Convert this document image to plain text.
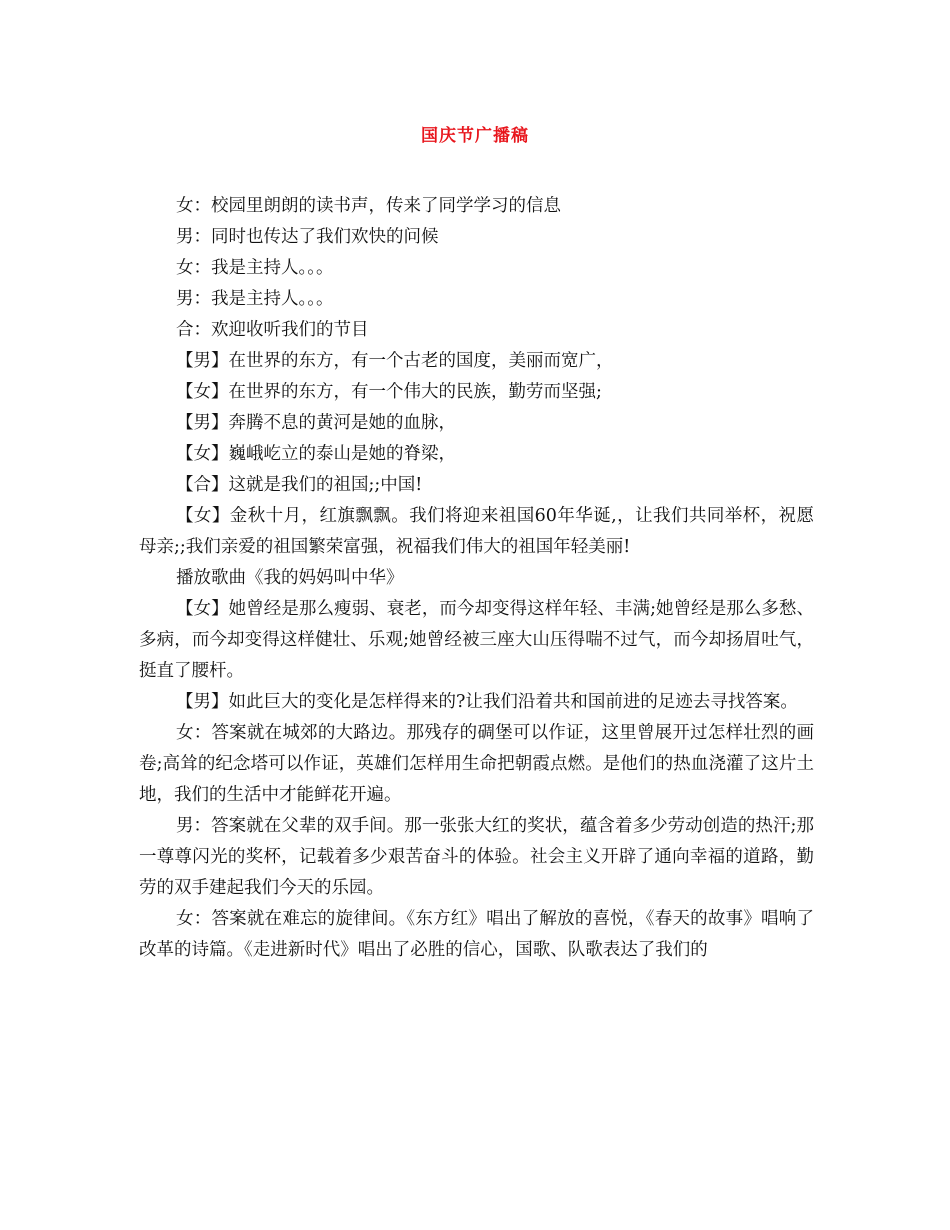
国庆节广播稿

女：校园里朗朗的读书声，传来了同学学习的信息

男：同时也传达了我们欢快的问候

女：我是主持人。。。

男：我是主持人。。。

合：欢迎收听我们的节目

【男】在世界的东方，有一个古老的国度，美丽而宽广，

【女】在世界的东方，有一个伟大的民族，勤劳而坚强;

【男】奔腾不息的黄河是她的血脉，

【女】巍峨屹立的泰山是她的脊梁，

【合】这就是我们的祖国;;中国!

【女】金秋十月，红旗飘飘。我们将迎来祖国60年华诞,，让我们共同举杯，祝愿母亲;;我们亲爱的祖国繁荣富强，祝福我们伟大的祖国年轻美丽!

播放歌曲《我的妈妈叫中华》

【女】她曾经是那么瘦弱、衰老，而今却变得这样年轻、丰满;她曾经是那么多愁、多病，而今却变得这样健壮、乐观;她曾经被三座大山压得喘不过气，而今却扬眉吐气，挺直了腰杆。

【男】如此巨大的变化是怎样得来的?让我们沿着共和国前进的足迹去寻找答案。

女：答案就在城郊的大路边。那残存的碉堡可以作证，这里曾展开过怎样壮烈的画卷;高耸的纪念塔可以作证，英雄们怎样用生命把朝霞点燃。是他们的热血浇灌了这片土地，我们的生活中才能鲜花开遍。

男：答案就在父辈的双手间。那一张张大红的奖状，蕴含着多少劳动创造的热汗;那一尊尊闪光的奖杯，记载着多少艰苦奋斗的体验。社会主义开辟了通向幸福的道路，勤劳的双手建起我们今天的乐园。

女：答案就在难忘的旋律间。《东方红》唱出了解放的喜悦，《春天的故事》唱响了改革的诗篇。《走进新时代》唱出了必胜的信心，国歌、队歌表达了我们的
